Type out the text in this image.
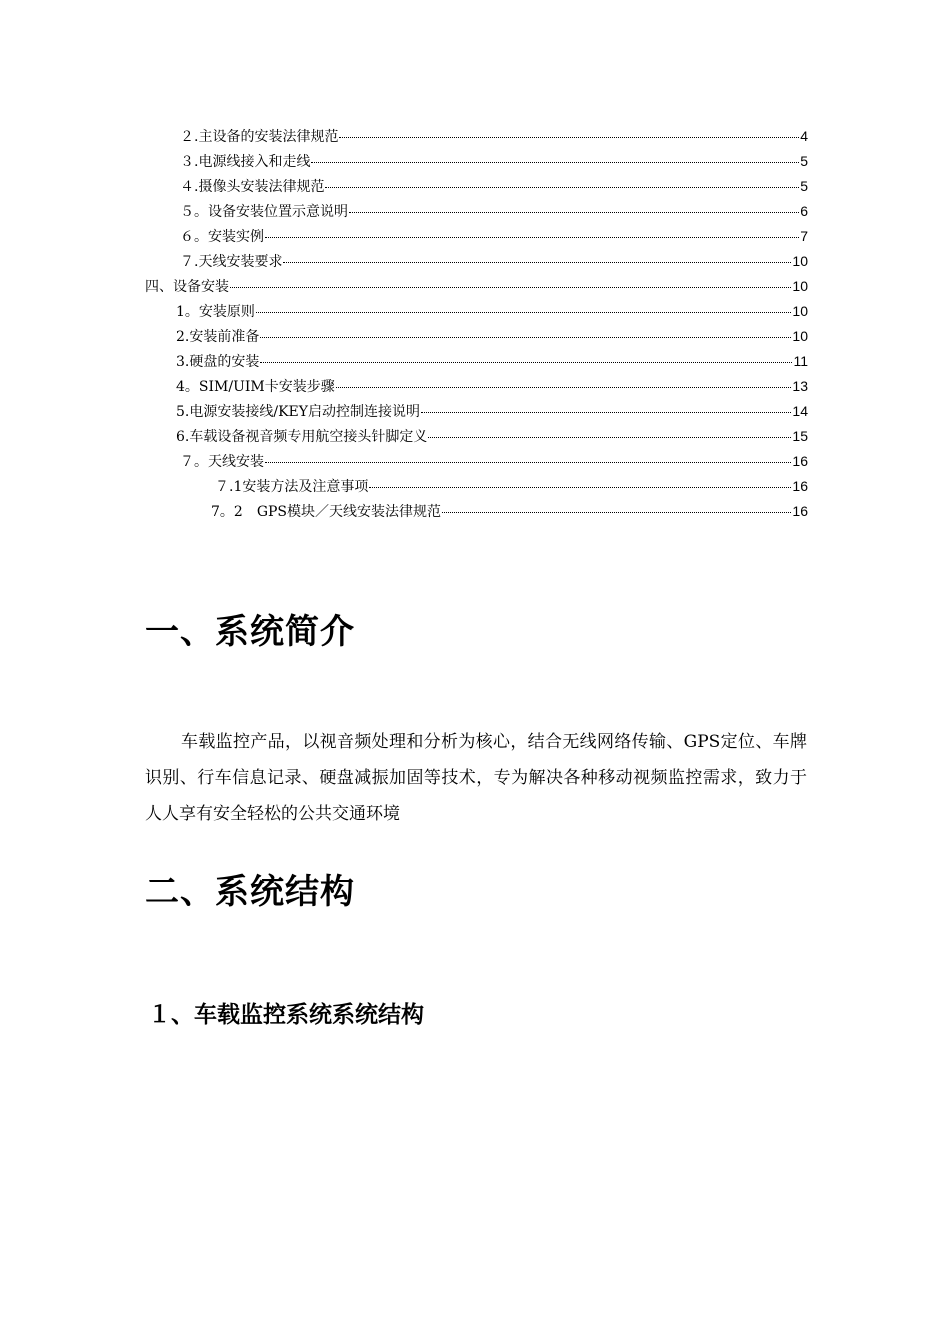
２.主设备的安装法律规范	4
３.电源线接入和走线	5
４.摄像头安装法律规范	5
５。设备安装位置示意说明	6
６。安装实例	7
７.天线安装要求	10
四、设备安装	10
1。安装原则	10
2.安装前准备	10
3.硬盘的安装	11
4。SIM/UIM卡安装步骤	13
5.电源安装接线/KEY启动控制连接说明	14
6.车载设备视音频专用航空接头针脚定义	15
７。天线安装	16
７.1安装方法及注意事项	16
7。2　GPS模块／天线安装法律规范	16
一、系统简介
车载监控产品，以视音频处理和分析为核心，结合无线网络传输、GPS定位、车牌识别、行车信息记录、硬盘减振加固等技术，专为解决各种移动视频监控需求，致力于人人享有安全轻松的公共交通环境
二、系统结构
１、车载监控系统系统结构
